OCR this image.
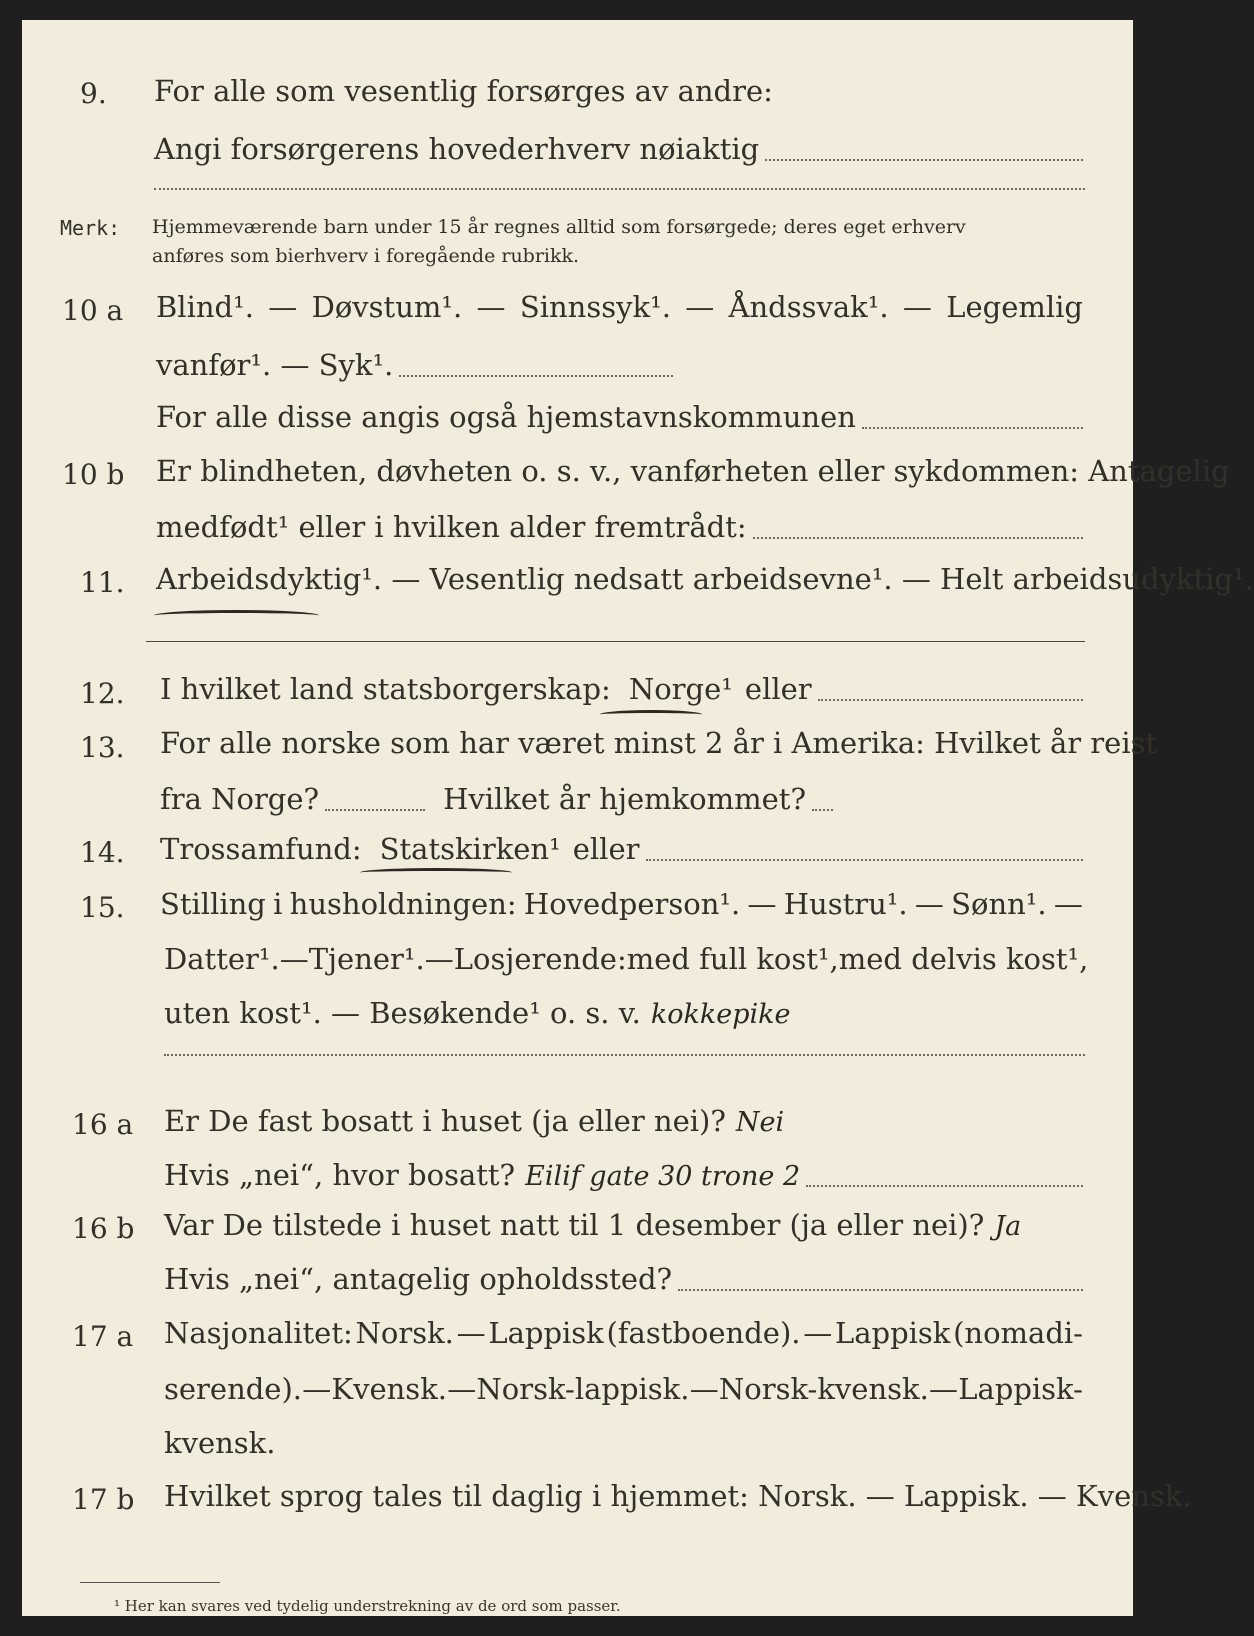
9. For alle som vesentlig forsørges av andre:
Angi forsørgerens hovederhverv nøiaktig
Merk: Hjemmeværende barn under 15 år regnes alltid som forsørgede; deres eget erhverv
anføres som bierhverv i foregående rubrikk.
10 a Blind¹. — Døvstum¹. — Sinnssyk¹. — Åndssvak¹. — Legemlig
vanfør¹. — Syk¹.
For alle disse angis også hjemstavnskommunen
10 b Er blindheten, døvheten o. s. v., vanførheten eller sykdommen: Antagelig
medfødt¹ eller i hvilken alder fremtrådt:
11. Arbeidsdyktig¹. — Vesentlig nedsatt arbeidsevne¹. — Helt arbeidsudyktig¹.
12. I hvilket land statsborgerskap: Norge¹ eller
13. For alle norske som har været minst 2 år i Amerika: Hvilket år reist
fra Norge?	Hvilket år hjemkommet?
14. Trossamfund: Statskirken¹ eller
15. Stilling i husholdningen: Hovedperson¹. — Hustru¹. — Sønn¹. —
Datter¹. — Tjener¹. — Losjerende: med full kost¹, med delvis kost¹,
uten kost¹. — Besøkende¹ o. s. v. kokkepike
16 a Er De fast bosatt i huset (ja eller nei)? Nei
Hvis „nei“, hvor bosatt? Eilif gate 30 trone 2
16 b Var De tilstede i huset natt til 1 desember (ja eller nei)? Ja
Hvis „nei“, antagelig opholdssted?
17 a Nasjonalitet: Norsk. — Lappisk (fastboende). — Lappisk (nomadi-
serende). — Kvensk. — Norsk-lappisk. — Norsk-kvensk. — Lappisk-
kvensk.
17 b Hvilket sprog tales til daglig i hjemmet: Norsk. — Lappisk. — Kvensk.
¹ Her kan svares ved tydelig understrekning av de ord som passer.
